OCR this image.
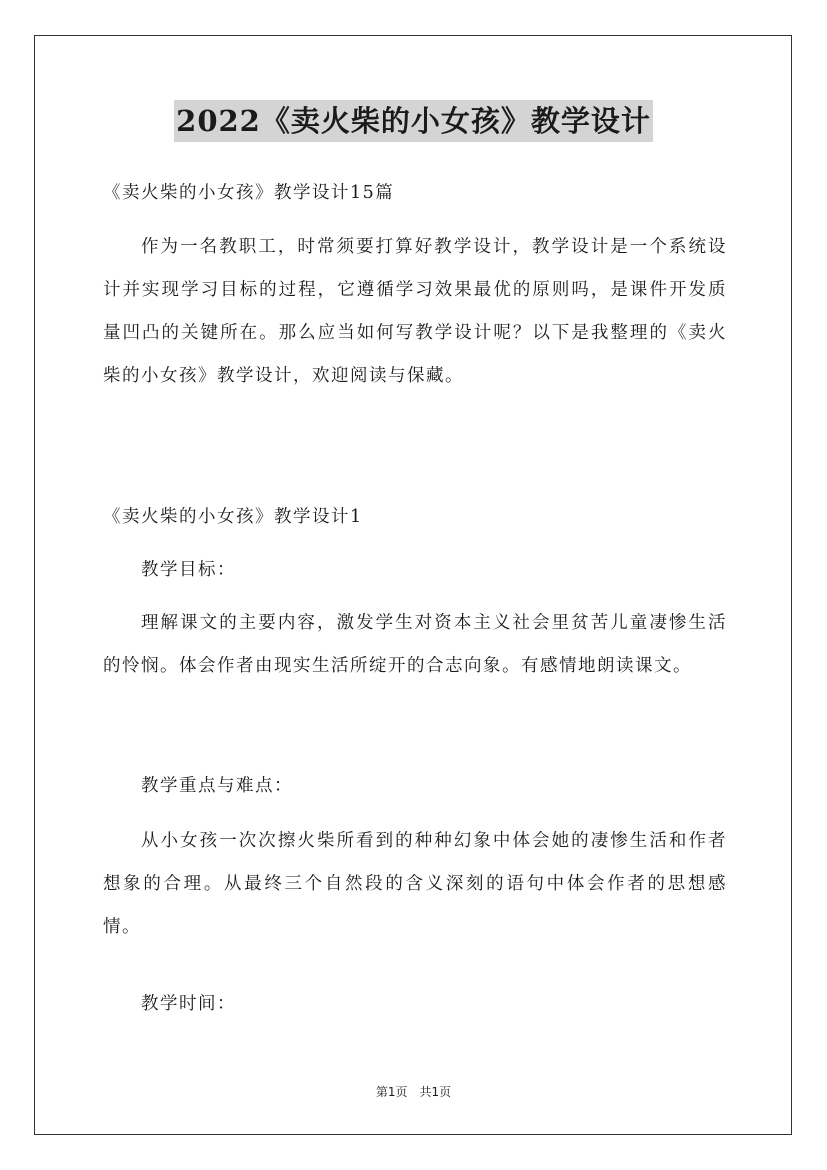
2022《卖火柴的小女孩》教学设计

《卖火柴的小女孩》教学设计15篇

作为一名教职工，时常须要打算好教学设计，教学设计是一个系统设计并实现学习目标的过程，它遵循学习效果最优的原则吗，是课件开发质量凹凸的关键所在。那么应当如何写教学设计呢？以下是我整理的《卖火柴的小女孩》教学设计，欢迎阅读与保藏。

《卖火柴的小女孩》教学设计1

教学目标：

理解课文的主要内容，激发学生对资本主义社会里贫苦儿童凄惨生活的怜悯。体会作者由现实生活所绽开的合志向象。有感情地朗读课文。

教学重点与难点：

从小女孩一次次擦火柴所看到的种种幻象中体会她的凄惨生活和作者想象的合理。从最终三个自然段的含义深刻的语句中体会作者的思想感情。

教学时间：

第1页　共1页
